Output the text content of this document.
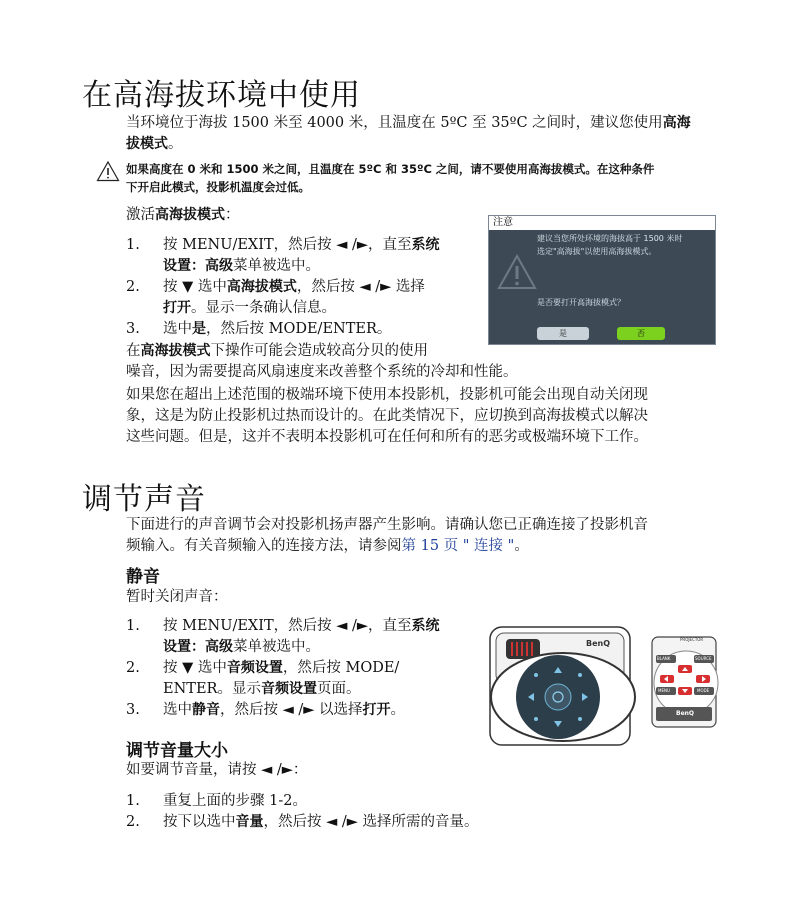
在高海拔环境中使用
当环境位于海拔 1500 米至 4000 米，且温度在 5ºC 至 35ºC 之间时，建议您使用高海
拔模式。
如果高度在 0 米和 1500 米之间，且温度在 5ºC 和 35ºC 之间，请不要使用高海拔模式。在这种条件
下开启此模式，投影机温度会过低。
激活高海拔模式：
1. 按 MENU/EXIT，然后按 ◄ /►，直至系统
设置：高级菜单被选中。
2. 按 ▼ 选中高海拔模式，然后按 ◄ /► 选择
打开。显示一条确认信息。
3. 选中是，然后按 MODE/ENTER。
注意
建议当您所处环境的海拔高于 1500 米时
选定"高海拔"以使用高海拔模式。
是否要打开高海拔模式？
是	否
在高海拔模式下操作可能会造成较高分贝的使用
噪音，因为需要提高风扇速度来改善整个系统的冷却和性能。
如果您在超出上述范围的极端环境下使用本投影机，投影机可能会出现自动关闭现
象，这是为防止投影机过热而设计的。在此类情况下，应切换到高海拔模式以解决
这些问题。但是，这并不表明本投影机可在任何和所有的恶劣或极端环境下工作。
调节声音
下面进行的声音调节会对投影机扬声器产生影响。请确认您已正确连接了投影机音
频输入。有关音频输入的连接方法，请参阅第 15 页 " 连接 "。
静音
暂时关闭声音：
1. 按 MENU/EXIT，然后按 ◄ /►，直至系统
设置：高级菜单被选中。
2. 按 ▼ 选中音频设置，然后按 MODE/
ENTER。显示音频设置页面。
3. 选中静音，然后按 ◄ /► 以选择打开。
BenQ	PROJECTOR
BLANK	SOURCE
MENU	MODE
BenQ
调节音量大小
如要调节音量，请按 ◄ /►：
1. 重复上面的步骤 1-2。
2. 按下以选中音量，然后按 ◄ /► 选择所需的音量。
